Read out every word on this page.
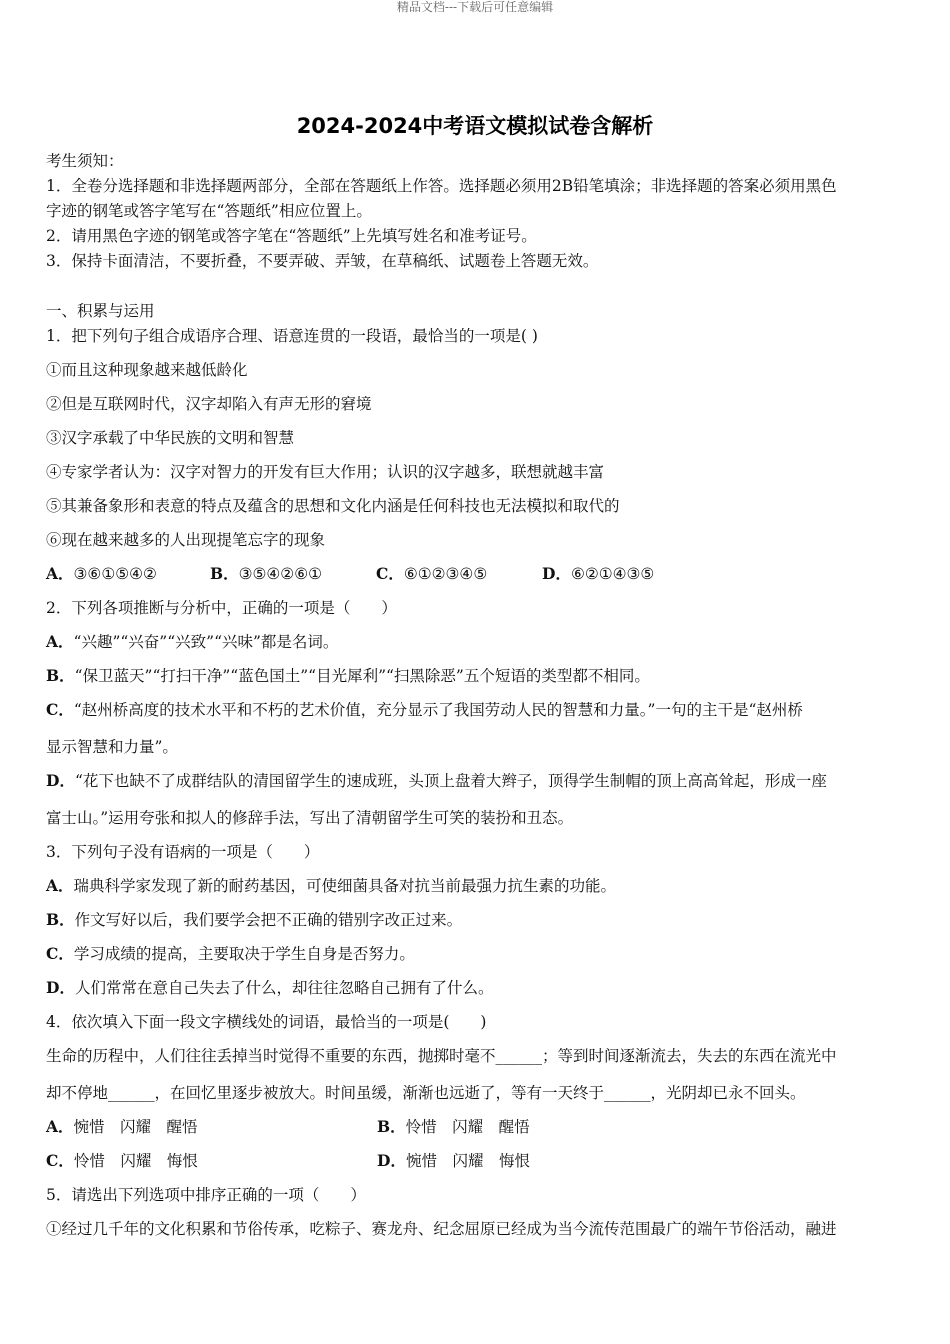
精品文档---下载后可任意编辑
2024-2024中考语文模拟试卷含解析
考生须知：
1．全卷分选择题和非选择题两部分，全部在答题纸上作答。选择题必须用2B铅笔填涂；非选择题的答案必须用黑色
字迹的钢笔或答字笔写在“答题纸”相应位置上。
2．请用黑色字迹的钢笔或答字笔在“答题纸”上先填写姓名和准考证号。
3．保持卡面清洁，不要折叠，不要弄破、弄皱，在草稿纸、试题卷上答题无效。
一、积累与运用
1．把下列句子组合成语序合理、语意连贯的一段语，最恰当的一项是( )
①而且这种现象越来越低龄化
②但是互联网时代，汉字却陷入有声无形的窘境
③汉字承载了中华民族的文明和智慧
④专家学者认为：汉字对智力的开发有巨大作用；认识的汉字越多，联想就越丰富
⑤其兼备象形和表意的特点及蕴含的思想和文化内涵是任何科技也无法模拟和取代的
⑥现在越来越多的人出现提笔忘字的现象
A．③⑥①⑤④②	B．③⑤④②⑥①	C．⑥①②③④⑤	D．⑥②①④③⑤
2．下列各项推断与分析中，正确的一项是（　　）
A．“兴趣”“兴奋”“兴致”“兴味”都是名词。
B．“保卫蓝天”“打扫干净”“蓝色国土”“目光犀利”“扫黑除恶”五个短语的类型都不相同。
C．“赵州桥高度的技术水平和不朽的艺术价值，充分显示了我国劳动人民的智慧和力量。”一句的主干是“赵州桥
显示智慧和力量”。
D．“花下也缺不了成群结队的清国留学生的速成班，头顶上盘着大辫子，顶得学生制帽的顶上高高耸起，形成一座
富士山。”运用夸张和拟人的修辞手法，写出了清朝留学生可笑的装扮和丑态。
3．下列句子没有语病的一项是（　　）
A．瑞典科学家发现了新的耐药基因，可使细菌具备对抗当前最强力抗生素的功能。
B．作文写好以后，我们要学会把不正确的错别字改正过来。
C．学习成绩的提高，主要取决于学生自身是否努力。
D．人们常常在意自己失去了什么，却往往忽略自己拥有了什么。
4．依次填入下面一段文字横线处的词语，最恰当的一项是(　　)
生命的历程中，人们往往丢掉当时觉得不重要的东西，抛掷时毫不______；等到时间逐渐流去，失去的东西在流光中
却不停地______，在回忆里逐步被放大。时间虽缓，渐渐也远逝了，等有一天终于______，光阴却已永不回头。
A．惋惜　闪耀　醒悟	B．怜惜　闪耀　醒悟
C．怜惜　闪耀　悔恨	D．惋惜　闪耀　悔恨
5．请选出下列选项中排序正确的一项（　　）
①经过几千年的文化积累和节俗传承，吃粽子、赛龙舟、纪念屈原已经成为当今流传范围最广的端午节俗活动，融进
